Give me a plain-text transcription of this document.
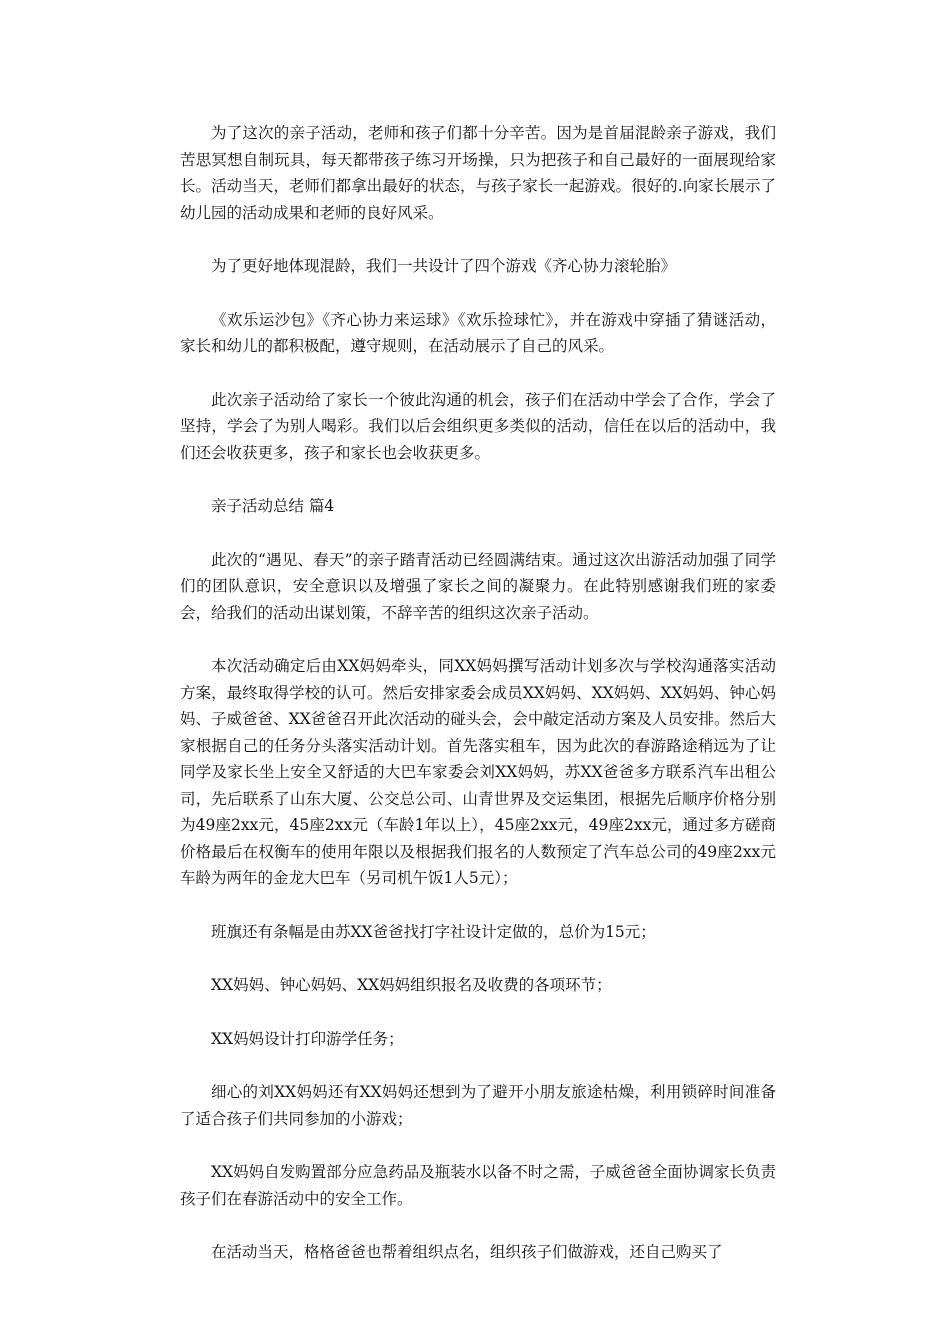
为了这次的亲子活动，老师和孩子们都十分辛苦。因为是首届混龄亲子游戏，我们苦思冥想自制玩具，每天都带孩子练习开场操，只为把孩子和自己最好的一面展现给家长。活动当天，老师们都拿出最好的状态，与孩子家长一起游戏。很好的.向家长展示了幼儿园的活动成果和老师的良好风采。

为了更好地体现混龄，我们一共设计了四个游戏《齐心协力滚轮胎》

《欢乐运沙包》《齐心协力来运球》《欢乐捡球忙》，并在游戏中穿插了猜谜活动，家长和幼儿的都积极配，遵守规则，在活动展示了自己的风采。

此次亲子活动给了家长一个彼此沟通的机会，孩子们在活动中学会了合作，学会了坚持，学会了为别人喝彩。我们以后会组织更多类似的活动，信任在以后的活动中，我们还会收获更多，孩子和家长也会收获更多。

亲子活动总结 篇4

此次的“遇见、春天”的亲子踏青活动已经圆满结束。通过这次出游活动加强了同学们的团队意识，安全意识以及增强了家长之间的凝聚力。在此特别感谢我们班的家委会，给我们的活动出谋划策，不辞辛苦的组织这次亲子活动。

本次活动确定后由XX妈妈牵头，同XX妈妈撰写活动计划多次与学校沟通落实活动方案，最终取得学校的认可。然后安排家委会成员XX妈妈、XX妈妈、XX妈妈、钟心妈妈、子威爸爸、XX爸爸召开此次活动的碰头会，会中敲定活动方案及人员安排。然后大家根据自己的任务分头落实活动计划。首先落实租车，因为此次的春游路途稍远为了让同学及家长坐上安全又舒适的大巴车家委会刘XX妈妈，苏XX爸爸多方联系汽车出租公司，先后联系了山东大厦、公交总公司、山青世界及交运集团，根据先后顺序价格分别为49座2xx元，45座2xx元（车龄1年以上），45座2xx元，49座2xx元，通过多方磋商价格最后在权衡车的使用年限以及根据我们报名的人数预定了汽车总公司的49座2xx元车龄为两年的金龙大巴车（另司机午饭1人5元）；

班旗还有条幅是由苏XX爸爸找打字社设计定做的，总价为15元；

XX妈妈、钟心妈妈、XX妈妈组织报名及收费的各项环节；

XX妈妈设计打印游学任务；

细心的刘XX妈妈还有XX妈妈还想到为了避开小朋友旅途枯燥，利用锁碎时间准备了适合孩子们共同参加的小游戏；

XX妈妈自发购置部分应急药品及瓶装水以备不时之需，子威爸爸全面协调家长负责孩子们在春游活动中的安全工作。

在活动当天，格格爸爸也帮着组织点名，组织孩子们做游戏，还自己购买了
